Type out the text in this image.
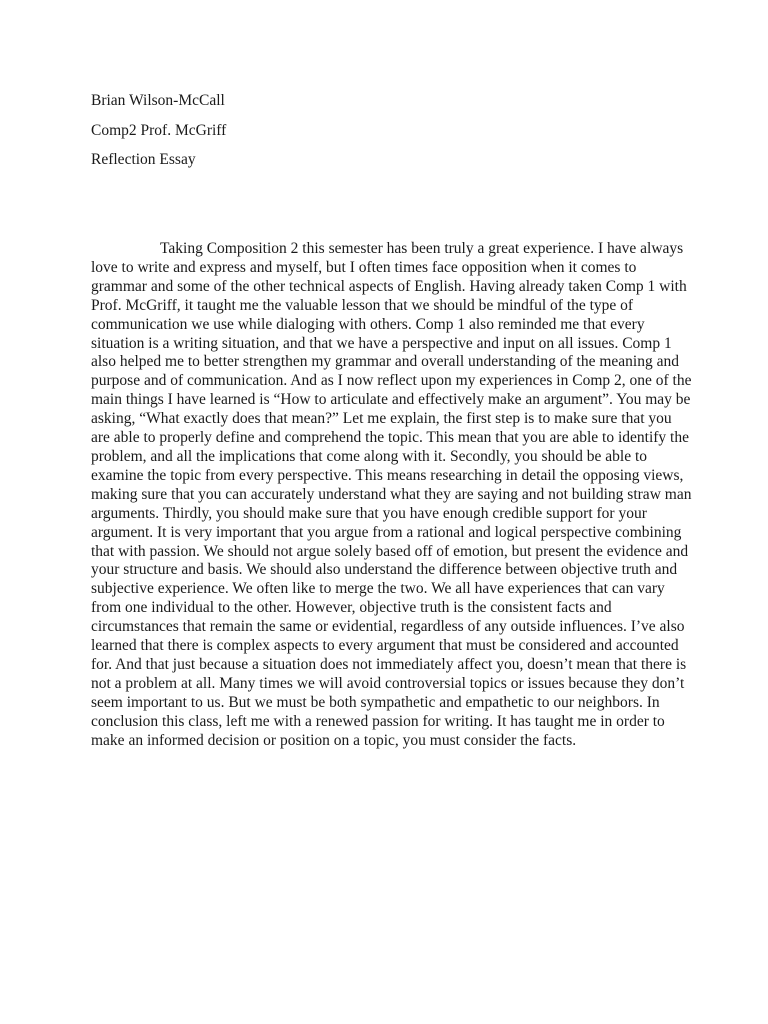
Brian Wilson-McCall

Comp2 Prof. McGriff

Reflection Essay

Taking Composition 2 this semester has been truly a great experience. I have always
love to write and express and myself, but I often times face opposition when it comes to
grammar and some of the other technical aspects of English. Having already taken Comp 1 with
Prof. McGriff, it taught me the valuable lesson that we should be mindful of the type of
communication we use while dialoging with others. Comp 1 also reminded me that every
situation is a writing situation, and that we have a perspective and input on all issues. Comp 1
also helped me to better strengthen my grammar and overall understanding of the meaning and
purpose and of communication. And as I now reflect upon my experiences in Comp 2, one of the
main things I have learned is “How to articulate and effectively make an argument”. You may be
asking, “What exactly does that mean?” Let me explain, the first step is to make sure that you
are able to properly define and comprehend the topic. This mean that you are able to identify the
problem, and all the implications that come along with it. Secondly, you should be able to
examine the topic from every perspective. This means researching in detail the opposing views,
making sure that you can accurately understand what they are saying and not building straw man
arguments. Thirdly, you should make sure that you have enough credible support for your
argument. It is very important that you argue from a rational and logical perspective combining
that with passion. We should not argue solely based off of emotion, but present the evidence and
your structure and basis. We should also understand the difference between objective truth and
subjective experience. We often like to merge the two. We all have experiences that can vary
from one individual to the other. However, objective truth is the consistent facts and
circumstances that remain the same or evidential, regardless of any outside influences. I’ve also
learned that there is complex aspects to every argument that must be considered and accounted
for. And that just because a situation does not immediately affect you, doesn’t mean that there is
not a problem at all. Many times we will avoid controversial topics or issues because they don’t
seem important to us. But we must be both sympathetic and empathetic to our neighbors. In
conclusion this class, left me with a renewed passion for writing. It has taught me in order to
make an informed decision or position on a topic, you must consider the facts.
